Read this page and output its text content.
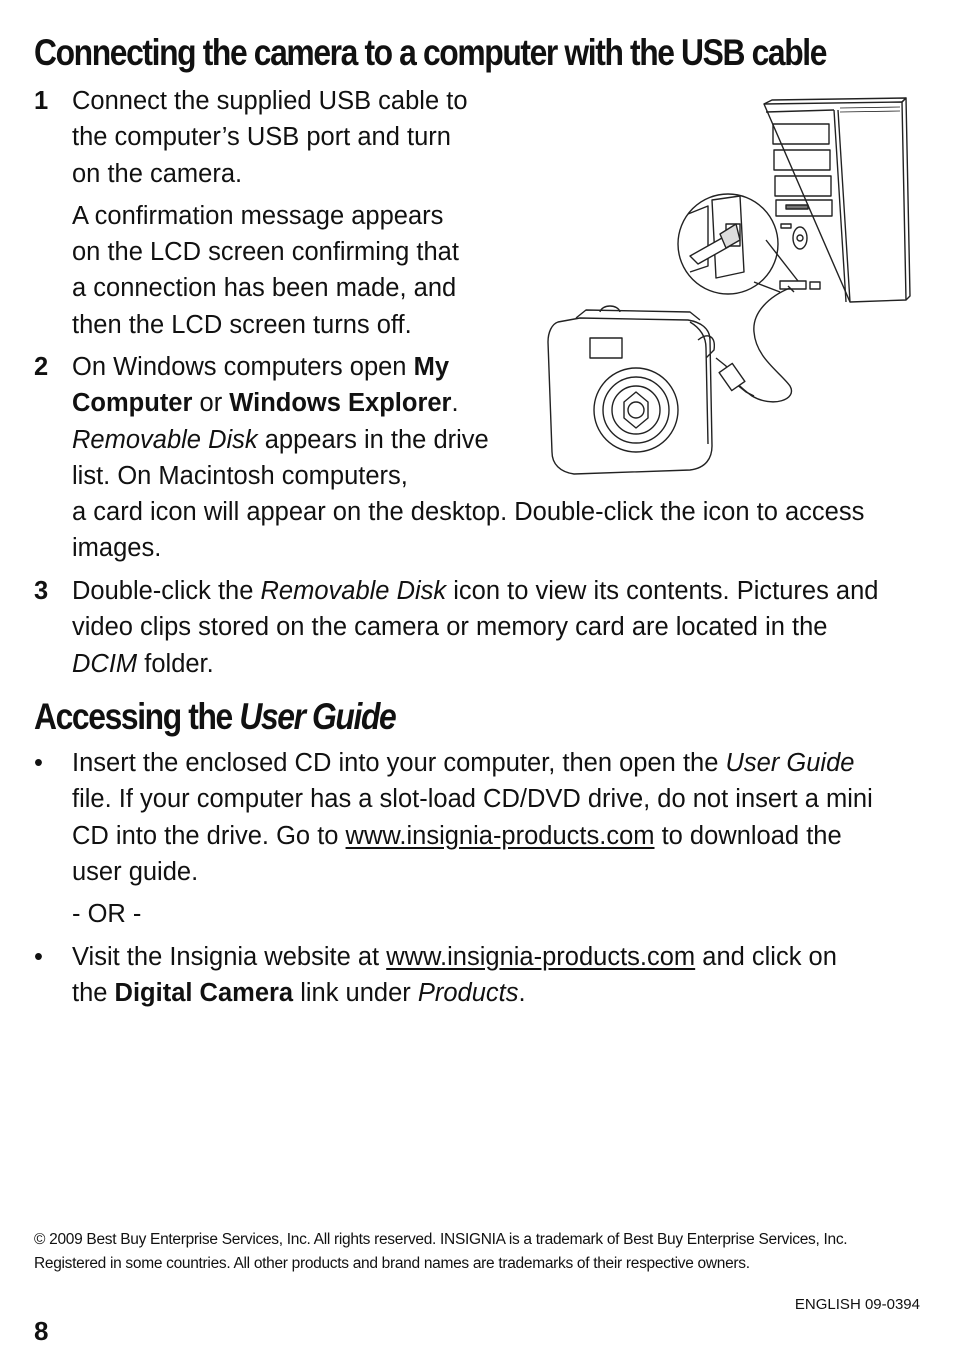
Connecting the camera to a computer with the USB cable
1 Connect the supplied USB cable to

the computer’s USB port and turn

on the camera.

A confirmation message appears

on the LCD screen confirming that

a connection has been made, and

then the LCD screen turns off.

2 On Windows computers open My

Computer or Windows Explorer.

Removable Disk appears in the drive

list. On Macintosh computers,

a card icon will appear on the desktop. Double-click the icon to access

images.

3 Double-click the Removable Disk icon to view its contents. Pictures and

video clips stored on the camera or memory card are located in the

DCIM folder.

Accessing the User Guide
•	Insert the enclosed CD into your computer, then open the User Guide

file. If your computer has a slot-load CD/DVD drive, do not insert a mini

CD into the drive. Go to www.insignia-products.com to download the

user guide.

- OR -

•	Visit the Insignia website at www.insignia-products.com and click on

the Digital Camera link under Products.

© 2009 Best Buy Enterprise Services, Inc. All rights reserved. INSIGNIA is a trademark of Best Buy Enterprise Services, Inc.
Registered in some countries. All other products and brand names are trademarks of their respective owners.
ENGLISH 09-0394
8
